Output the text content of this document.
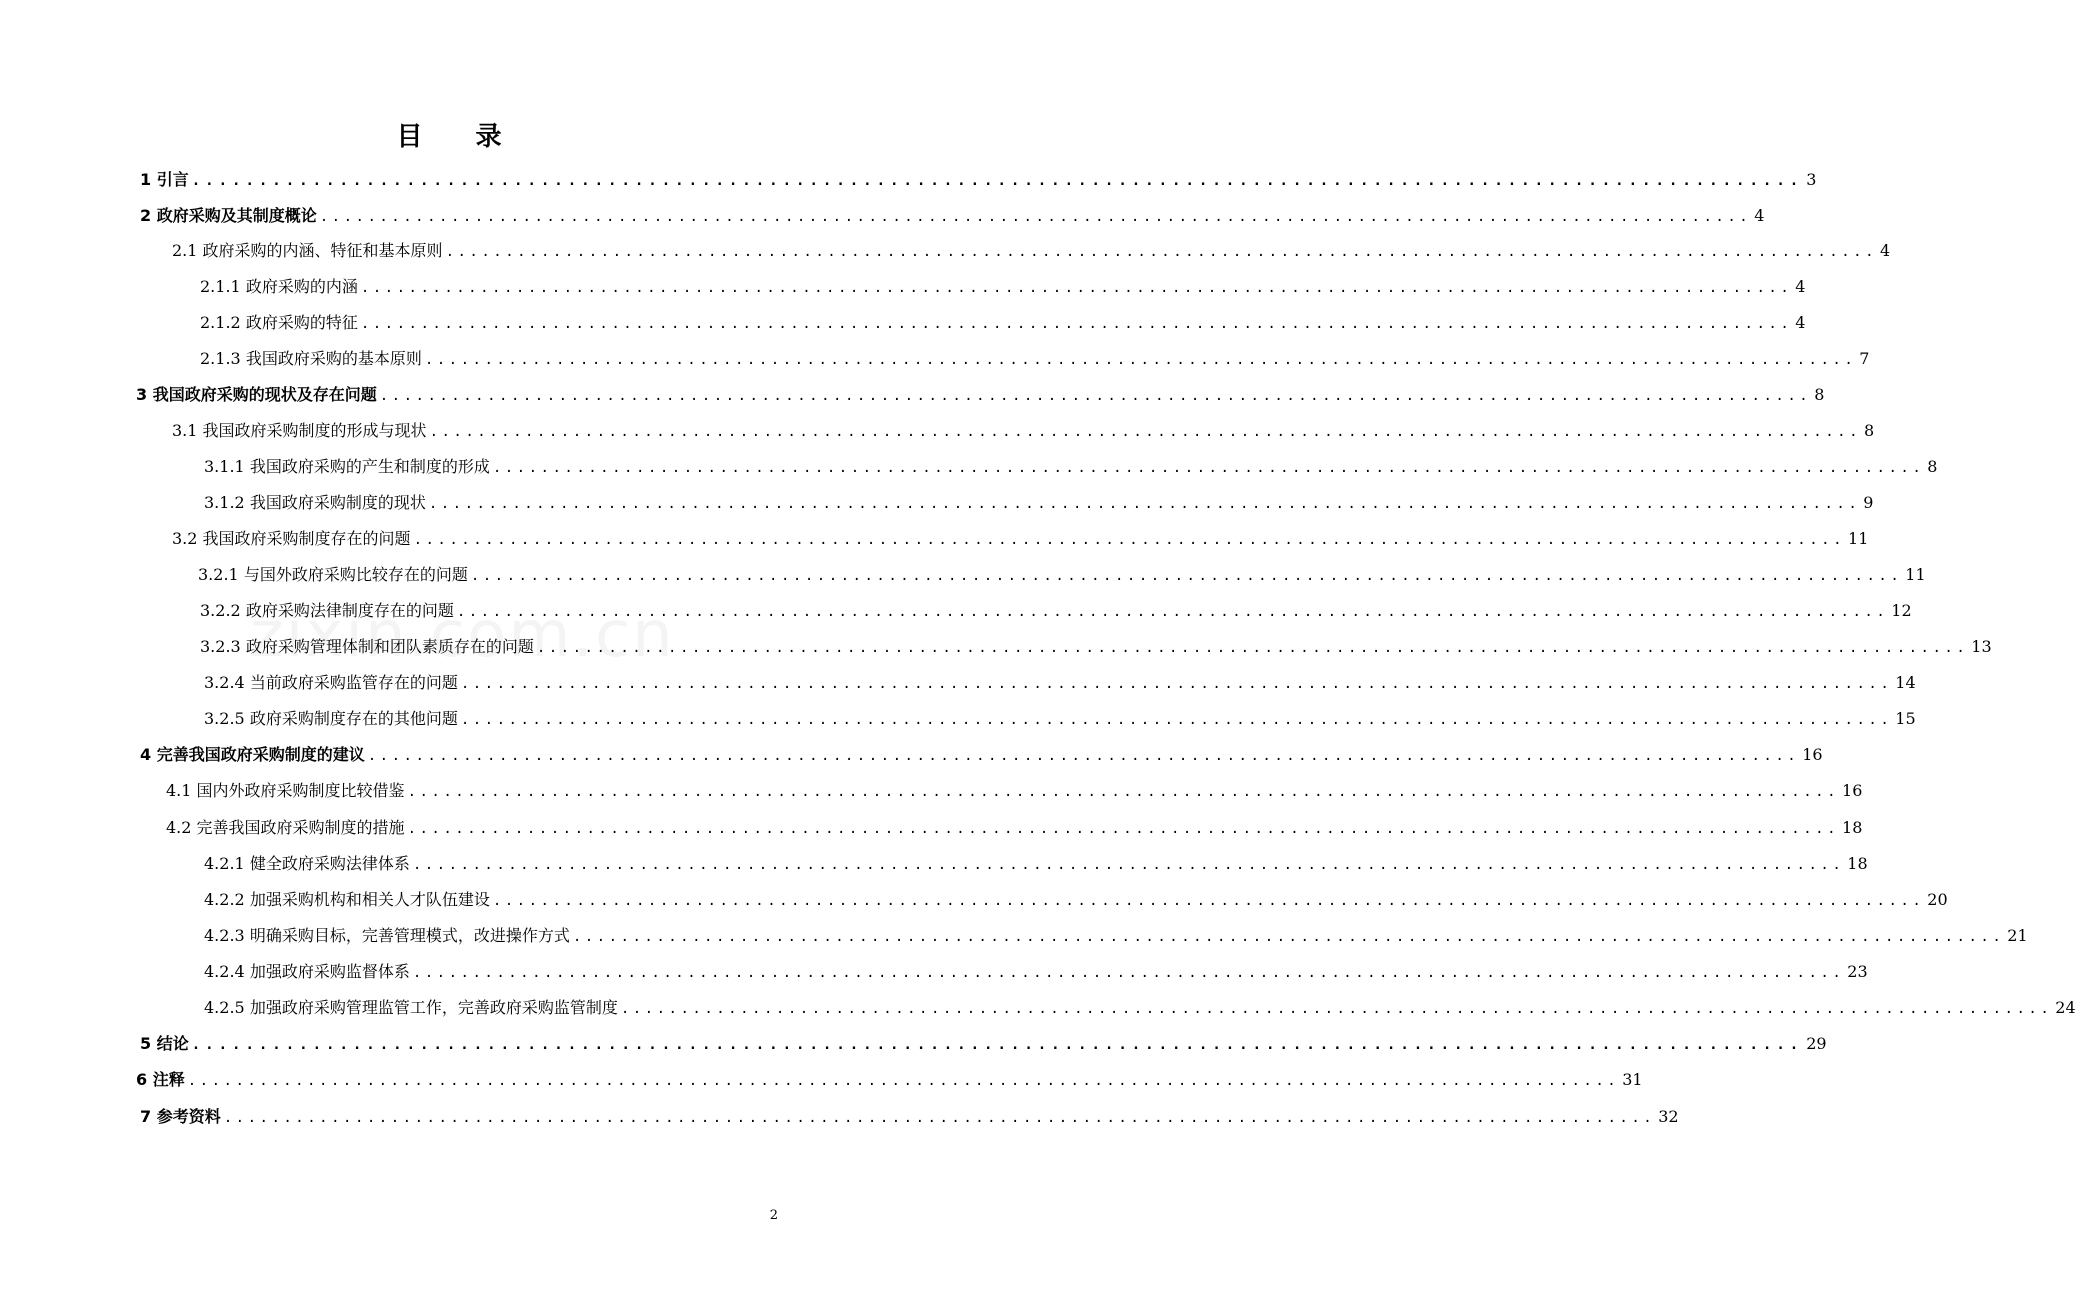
目 录
1 引言 ........................................................................................................................ 3
2 政府采购及其制度概论 ........................................................................................................................ 4
2.1 政府采购的内涵、特征和基本原则 ........................................................................................................................ 4
2.1.1 政府采购的内涵 ........................................................................................................................ 4
2.1.2 政府采购的特征 ........................................................................................................................ 4
2.1.3 我国政府采购的基本原则 ........................................................................................................................ 7
3 我国政府采购的现状及存在问题 ........................................................................................................................ 8
3.1 我国政府采购制度的形成与现状 ........................................................................................................................ 8
3.1.1 我国政府采购的产生和制度的形成 ........................................................................................................................ 8
3.1.2 我国政府采购制度的现状 ........................................................................................................................ 9
3.2 我国政府采购制度存在的问题 ........................................................................................................................ 11
3.2.1 与国外政府采购比较存在的问题 ........................................................................................................................ 11
3.2.2 政府采购法律制度存在的问题 ........................................................................................................................ 12
3.2.3 政府采购管理体制和团队素质存在的问题 ........................................................................................................................ 13
3.2.4 当前政府采购监管存在的问题 ........................................................................................................................ 14
3.2.5 政府采购制度存在的其他问题 ........................................................................................................................ 15
4 完善我国政府采购制度的建议 ........................................................................................................................ 16
4.1 国内外政府采购制度比较借鉴 ........................................................................................................................ 16
4.2 完善我国政府采购制度的措施 ........................................................................................................................ 18
4.2.1 健全政府采购法律体系 ........................................................................................................................ 18
4.2.2 加强采购机构和相关人才队伍建设 ........................................................................................................................ 20
4.2.3 明确采购目标，完善管理模式，改进操作方式 ........................................................................................................................ 21
4.2.4 加强政府采购监督体系 ........................................................................................................................ 23
4.2.5 加强政府采购管理监管工作，完善政府采购监管制度 ........................................................................................................................ 24
5 结论 ........................................................................................................................ 29
6 注释 ........................................................................................................................ 31
7 参考资料 ........................................................................................................................ 32
2
